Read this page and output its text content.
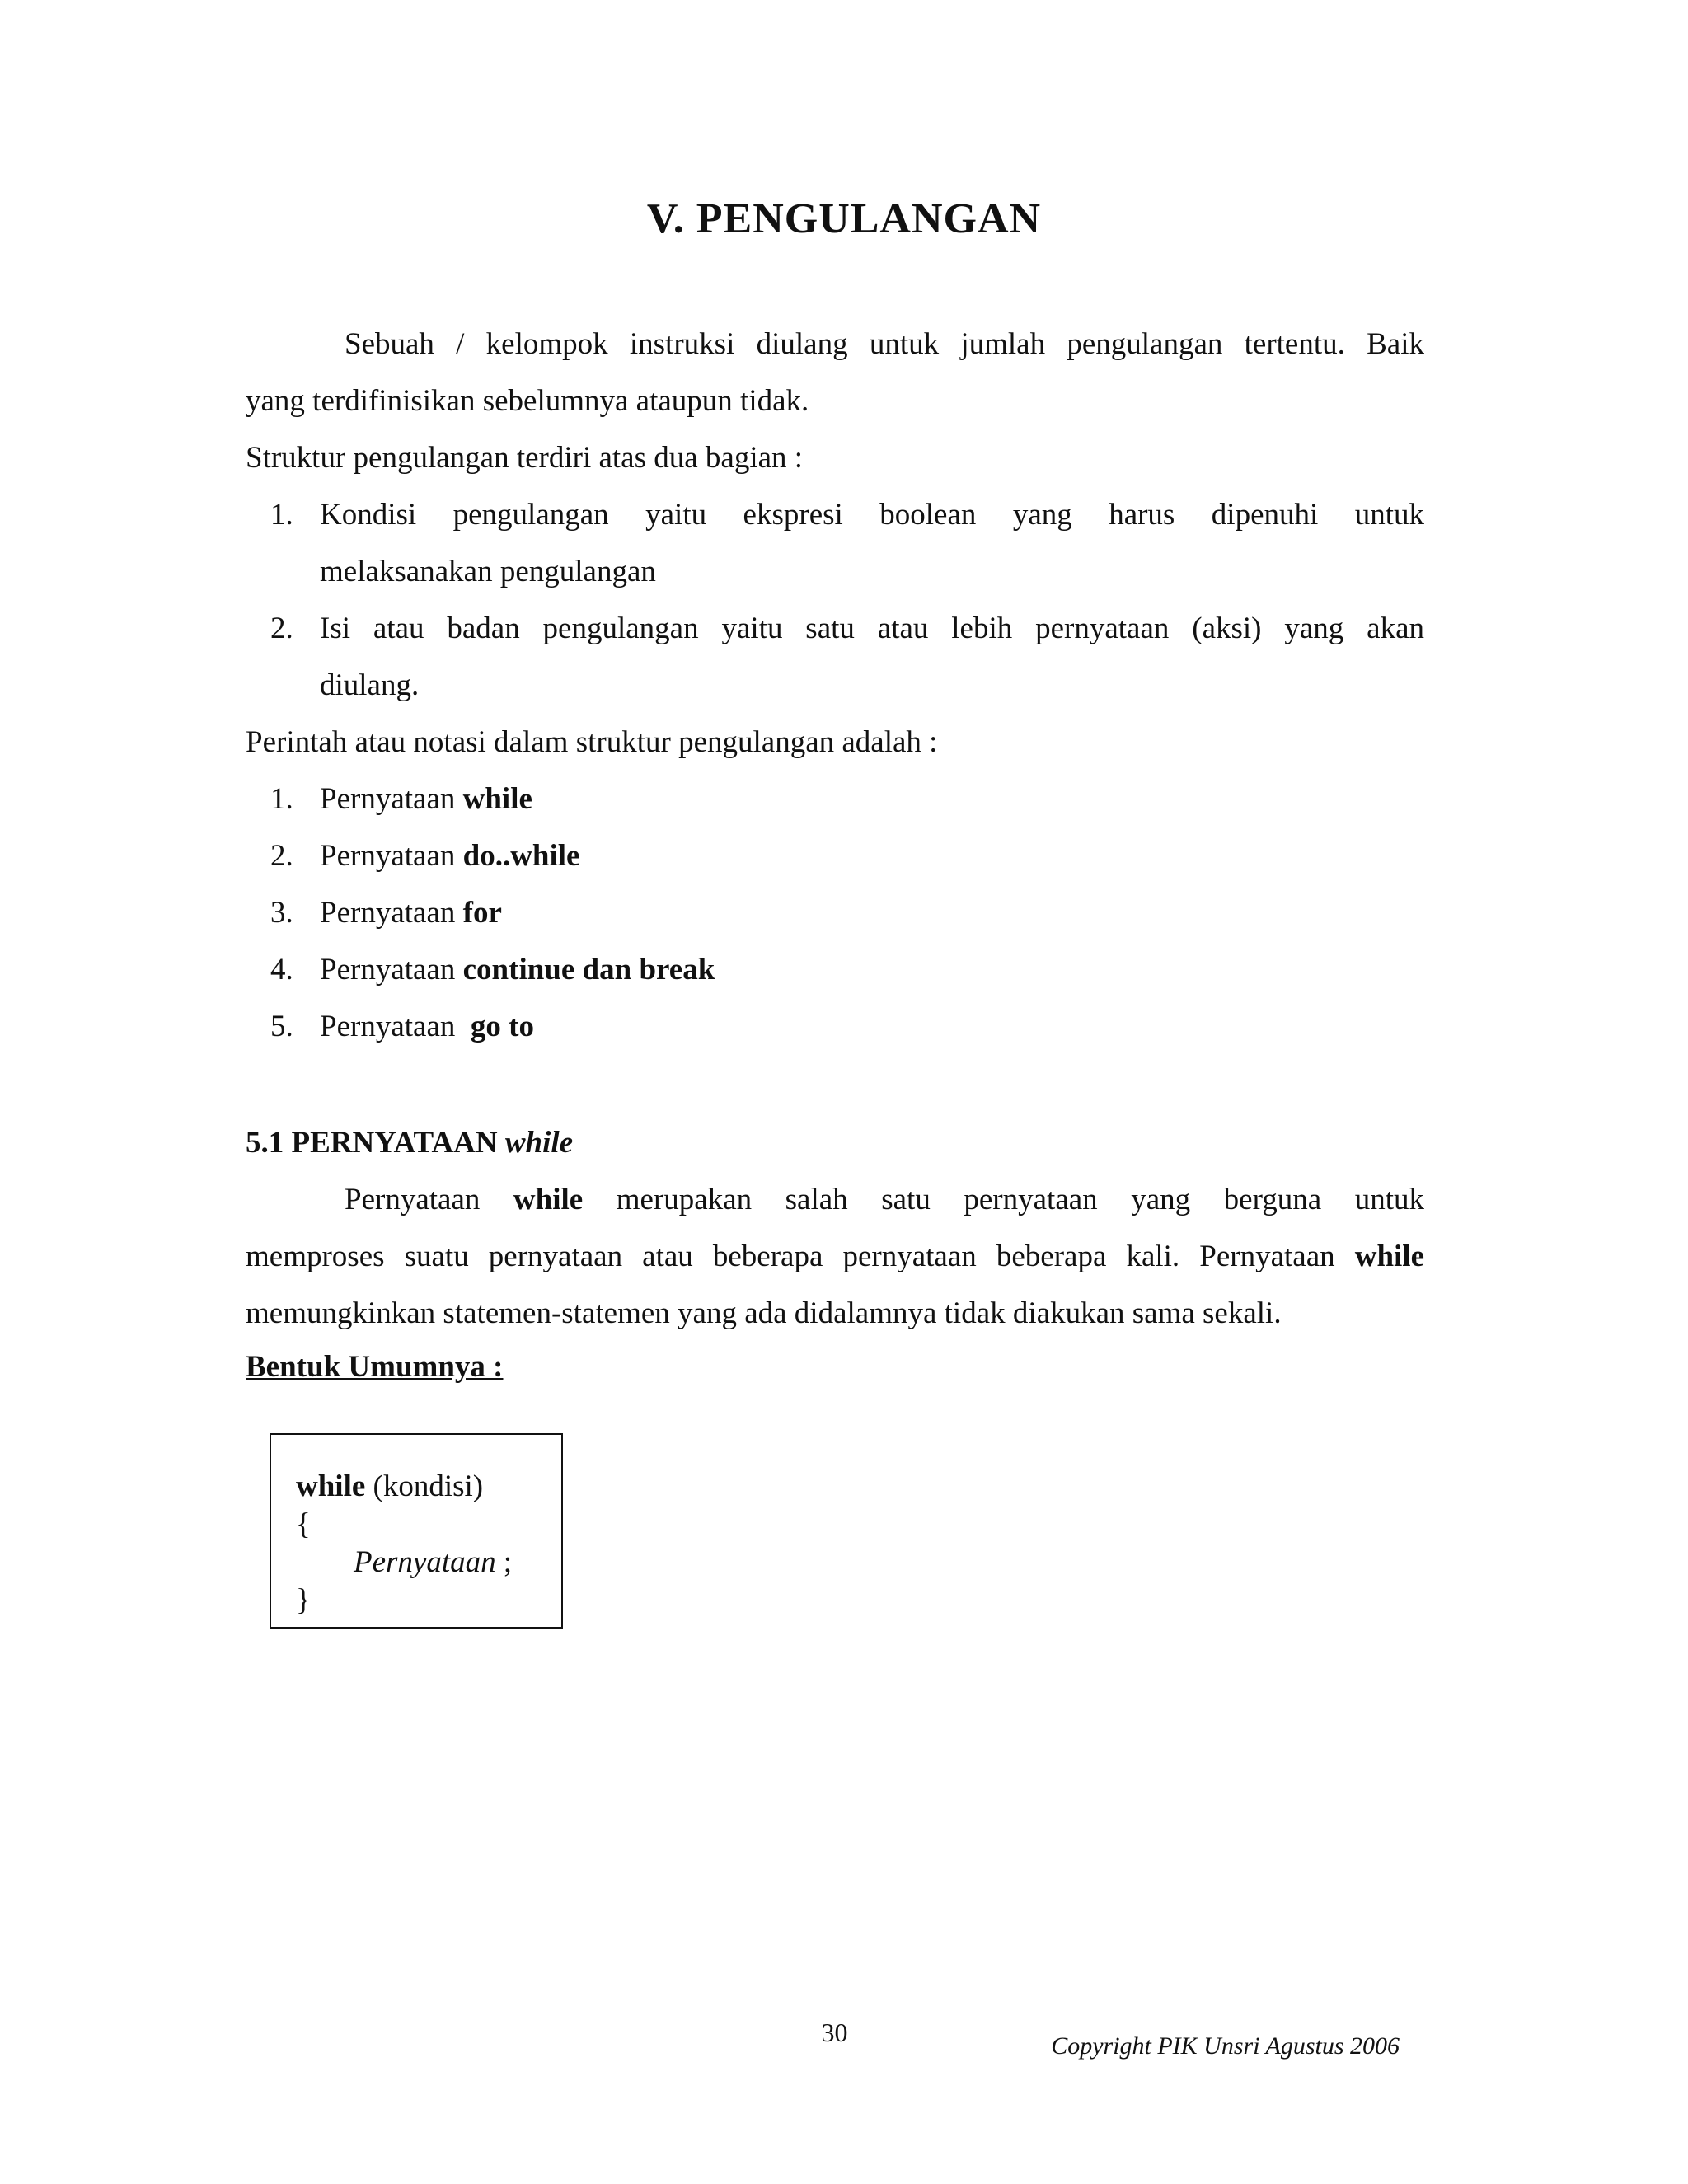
V. PENGULANGAN

Sebuah / kelompok instruksi diulang untuk jumlah pengulangan tertentu. Baik
yang terdifinisikan sebelumnya ataupun tidak.
Struktur pengulangan terdiri atas dua bagian :

1. Kondisi pengulangan yaitu ekspresi boolean yang harus dipenuhi untuk
melaksanakan pengulangan
2. Isi atau badan pengulangan yaitu satu atau lebih pernyataan (aksi) yang akan
diulang.

Perintah atau notasi dalam struktur pengulangan adalah :

1. Pernyataan while
2. Pernyataan do..while
3. Pernyataan for
4. Pernyataan continue dan break
5. Pernyataan  go to
5.1 PERNYATAAN while

Pernyataan while merupakan salah satu pernyataan yang berguna untuk
memproses suatu pernyataan atau beberapa pernyataan beberapa kali. Pernyataan while
memungkinkan statemen-statemen yang ada didalamnya tidak diakukan sama sekali.

Bentuk Umumnya :

while (kondisi)
{
Pernyataan ;
}
30	Copyright PIK Unsri Agustus 2006
